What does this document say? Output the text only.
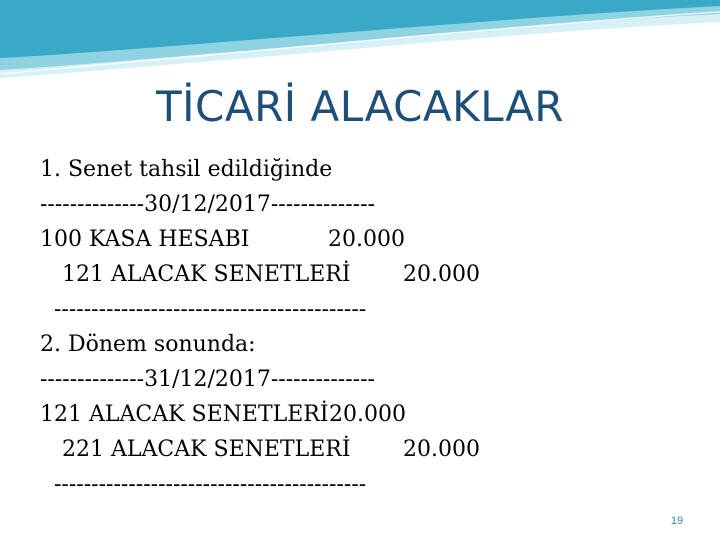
TİCARİ ALACAKLAR
1. Senet tahsil edildiğinde
--------------30/12/2017--------------
100 KASA HESABI	20.000
121 ALACAK SENETLERİ 20.000
------------------------------------------
2. Dönem sonunda:
--------------31/12/2017--------------
121 ALACAK SENETLERİ 20.000
221 ALACAK SENETLERİ 20.000
------------------------------------------
19
